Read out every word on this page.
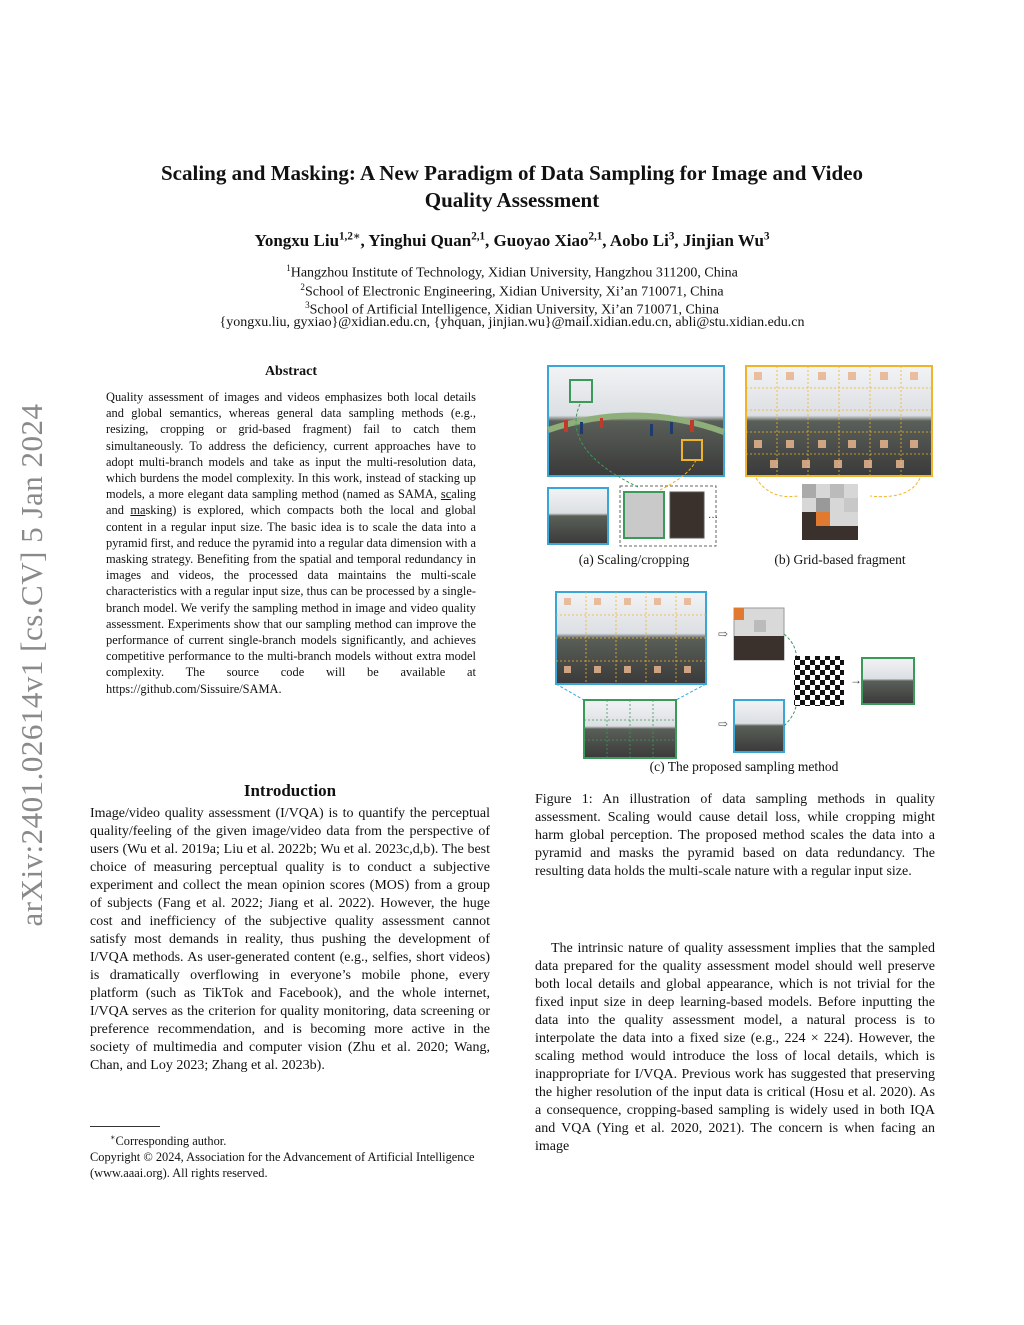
arXiv:2401.02614v1 [cs.CV] 5 Jan 2024
Scaling and Masking: A New Paradigm of Data Sampling for Image and Video
Quality Assessment
Yongxu Liu$^{1,2∗}$, Yinghui Quan$^{2,1}$, Guoyao Xiao$^{2,1}$, Aobo Li$^3$, Jinjian Wu$^3$
$^1$Hangzhou Institute of Technology, Xidian University, Hangzhou 311200, China
$^2$School of Electronic Engineering, Xidian University, Xi’an 710071, China
$^3$School of Artificial Intelligence, Xidian University, Xi’an 710071, China
{yongxu.liu, gyxiao}@xidian.edu.cn, {yhquan, jinjian.wu}@mail.xidian.edu.cn, abli@stu.xidian.edu.cn
Abstract
Quality assessment of images and videos emphasizes both local details and global semantics, whereas general data sampling methods (e.g., resizing, cropping or grid-based fragment) fail to catch them simultaneously. To address the deficiency, current approaches have to adopt multi-branch models and take as input the multi-resolution data, which burdens the model complexity. In this work, instead of stacking up models, a more elegant data sampling method (named as SAMA, scaling and masking) is explored, which compacts both the local and global content in a regular input size. The basic idea is to scale the data into a pyramid first, and reduce the pyramid into a regular data dimension with a masking strategy. Benefiting from the spatial and temporal redundancy in images and videos, the processed data maintains the multi-scale characteristics with a regular input size, thus can be processed by a single-branch model. We verify the sampling method in image and video quality assessment. Experiments show that our sampling method can improve the performance of current single-branch models significantly, and achieves competitive performance to the multi-branch models without extra model complexity. The source code will be available at https://github.com/Sissuire/SAMA.
Introduction
Image/video quality assessment (I/VQA) is to quantify the perceptual quality/feeling of the given image/video data from the perspective of users (Wu et al. 2019a; Liu et al. 2022b; Wu et al. 2023c,d,b). The best choice of measuring perceptual quality is to conduct a subjective experiment and collect the mean opinion scores (MOS) from a group of subjects (Fang et al. 2022; Jiang et al. 2022). However, the huge cost and inefficiency of the subjective quality assessment cannot satisfy most demands in reality, thus pushing the development of I/VQA methods. As user-generated content (e.g., selfies, short videos) is dramatically overflowing in everyone’s mobile phone, every platform (such as TikTok and Facebook), and the whole internet, I/VQA serves as the criterion for quality monitoring, data screening or preference recommendation, and is becoming more active in the society of multimedia and computer vision (Zhu et al. 2020; Wang, Chan, and Loy 2023; Zhang et al. 2023b).
∗Corresponding author.
Copyright © 2024, Association for the Advancement of Artificial Intelligence (www.aaai.org). All rights reserved.
…
⇨
⇨
→
(a) Scaling/cropping	(b) Grid-based fragment
(c) The proposed sampling method
Figure 1: An illustration of data sampling methods in quality assessment. Scaling would cause detail loss, while cropping might harm global perception. The proposed method scales the data into a pyramid and masks the pyramid based on data redundancy. The resulting data holds the multi-scale nature with a regular input size.
The intrinsic nature of quality assessment implies that the sampled data prepared for the quality assessment model should well preserve both local details and global appearance, which is not trivial for the fixed input size in deep learning-based models. Before inputting the data into the quality assessment model, a natural process is to interpolate the data into a fixed size (e.g., 224 × 224). However, the scaling method would introduce the loss of local details, which is inappropriate for I/VQA. Previous work has suggested that preserving the higher resolution of the input data is critical (Hosu et al. 2020). As a consequence, cropping-based sampling is widely used in both IQA and VQA (Ying et al. 2020, 2021). The concern is when facing an image
